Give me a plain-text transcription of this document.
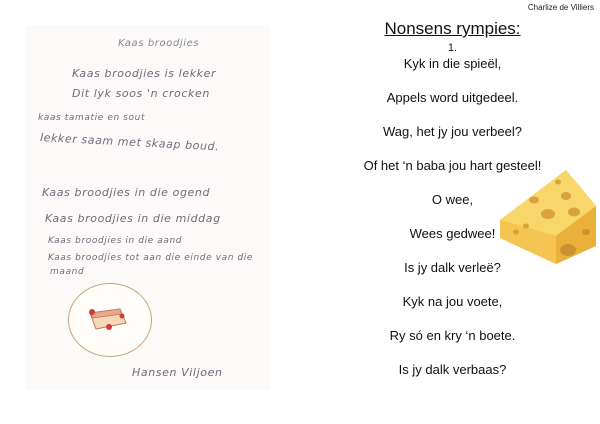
Charlize de Villiers
Kaas broodjies
Kaas broodjies is lekker
Dit lyk soos 'n crocken
kaas tamatie en sout
lekker saam met skaap boud.
Kaas broodjies in die ogend
Kaas broodjies in die middag
Kaas broodjies in die aand
Kaas broodjies tot aan die einde van die
maand
Hansen Viljoen
Nonsens rympies:
1.
Kyk in die spieël,
Appels word uitgedeel.
Wag, het jy jou verbeel?
Of het ‘n baba jou hart gesteel!
O wee,
Wees gedwee!
Is jy dalk verleë?
Kyk na jou voete,
Ry só en kry ‘n boete.
Is jy dalk verbaas?
